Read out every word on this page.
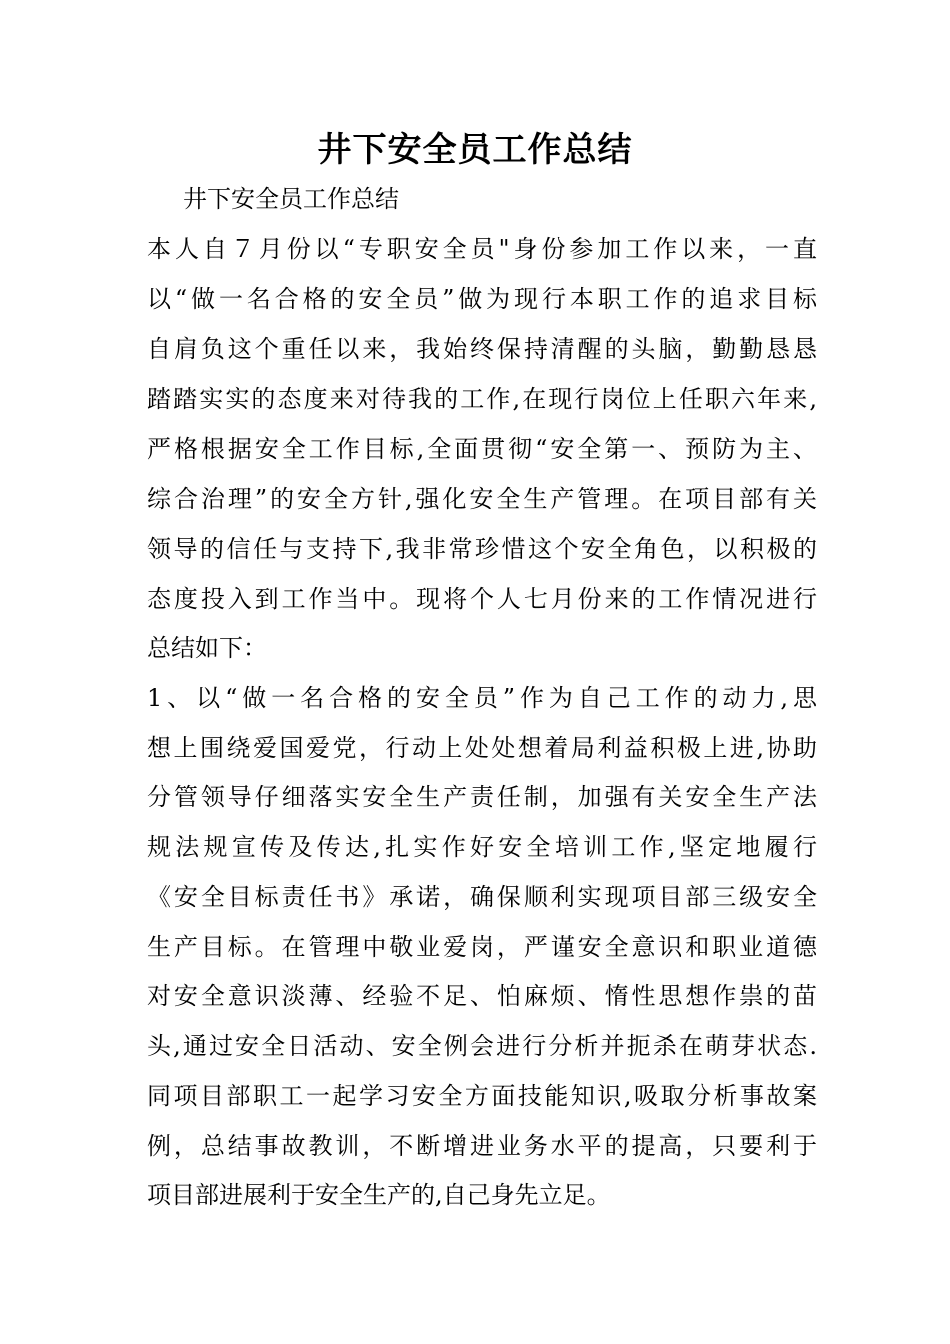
井下安全员工作总结
井下安全员工作总结
本人自７月份以“专职安全员"身份参加工作以来，一直
以“做一名合格的安全员”做为现行本职工作的追求目标
自肩负这个重任以来，我始终保持清醒的头脑，勤勤恳恳
踏踏实实的态度来对待我的工作,在现行岗位上任职六年来,
严格根据安全工作目标,全面贯彻“安全第一、预防为主、
综合治理”的安全方针,强化安全生产管理。在项目部有关
领导的信任与支持下,我非常珍惜这个安全角色，以积极的
态度投入到工作当中。现将个人七月份来的工作情况进行
总结如下：
1、以“做一名合格的安全员”作为自己工作的动力,思
想上围绕爱国爱党，行动上处处想着局利益积极上进,协助
分管领导仔细落实安全生产责任制，加强有关安全生产法
规法规宣传及传达,扎实作好安全培训工作,坚定地履行
《安全目标责任书》承诺，确保顺利实现项目部三级安全
生产目标。在管理中敬业爱岗，严谨安全意识和职业道德
对安全意识淡薄、经验不足、怕麻烦、惰性思想作祟的苗
头,通过安全日活动、安全例会进行分析并扼杀在萌芽状态.
同项目部职工一起学习安全方面技能知识,吸取分析事故案
例，总结事故教训，不断增进业务水平的提高，只要利于
项目部进展利于安全生产的,自己身先立足。
